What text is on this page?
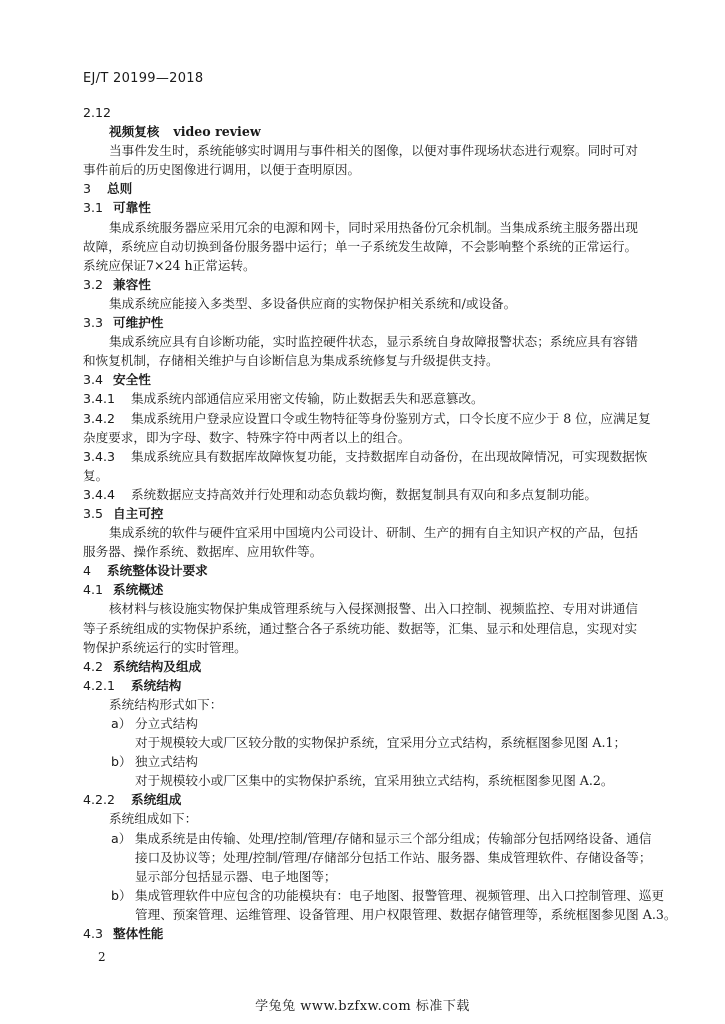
EJ/T 20199—2018
2.12
视频复核 video review
当事件发生时，系统能够实时调用与事件相关的图像，以便对事件现场状态进行观察。同时可对
事件前后的历史图像进行调用，以便于查明原因。
3 总则
3.1 可靠性
集成系统服务器应采用冗余的电源和网卡，同时采用热备份冗余机制。当集成系统主服务器出现
故障，系统应自动切换到备份服务器中运行；单一子系统发生故障，不会影响整个系统的正常运行。
系统应保证7×24 h正常运转。
3.2 兼容性
集成系统应能接入多类型、多设备供应商的实物保护相关系统和/或设备。
3.3 可维护性
集成系统应具有自诊断功能，实时监控硬件状态，显示系统自身故障报警状态；系统应具有容错
和恢复机制，存储相关维护与自诊断信息为集成系统修复与升级提供支持。
3.4 安全性
3.4.1 集成系统内部通信应采用密文传输，防止数据丢失和恶意篡改。
3.4.2 集成系统用户登录应设置口令或生物特征等身份鉴别方式，口令长度不应少于 8 位，应满足复
杂度要求，即为字母、数字、特殊字符中两者以上的组合。
3.4.3 集成系统应具有数据库故障恢复功能，支持数据库自动备份，在出现故障情况，可实现数据恢
复。
3.4.4 系统数据应支持高效并行处理和动态负载均衡，数据复制具有双向和多点复制功能。
3.5 自主可控
集成系统的软件与硬件宜采用中国境内公司设计、研制、生产的拥有自主知识产权的产品，包括
服务器、操作系统、数据库、应用软件等。
4 系统整体设计要求
4.1 系统概述
核材料与核设施实物保护集成管理系统与入侵探测报警、出入口控制、视频监控、专用对讲通信
等子系统组成的实物保护系统，通过整合各子系统功能、数据等，汇集、显示和处理信息，实现对实
物保护系统运行的实时管理。
4.2 系统结构及组成
4.2.1 系统结构
系统结构形式如下：
a） 分立式结构
对于规模较大或厂区较分散的实物保护系统，宜采用分立式结构，系统框图参见图 A.1；
b） 独立式结构
对于规模较小或厂区集中的实物保护系统，宜采用独立式结构，系统框图参见图 A.2。
4.2.2 系统组成
系统组成如下：
a） 集成系统是由传输、处理/控制/管理/存储和显示三个部分组成；传输部分包括网络设备、通信
接口及协议等；处理/控制/管理/存储部分包括工作站、服务器、集成管理软件、存储设备等；
显示部分包括显示器、电子地图等；
b） 集成管理软件中应包含的功能模块有：电子地图、报警管理、视频管理、出入口控制管理、巡更
管理、预案管理、运维管理、设备管理、用户权限管理、数据存储管理等，系统框图参见图 A.3。
4.3 整体性能
2
学兔兔 www.bzfxw.com 标准下载
